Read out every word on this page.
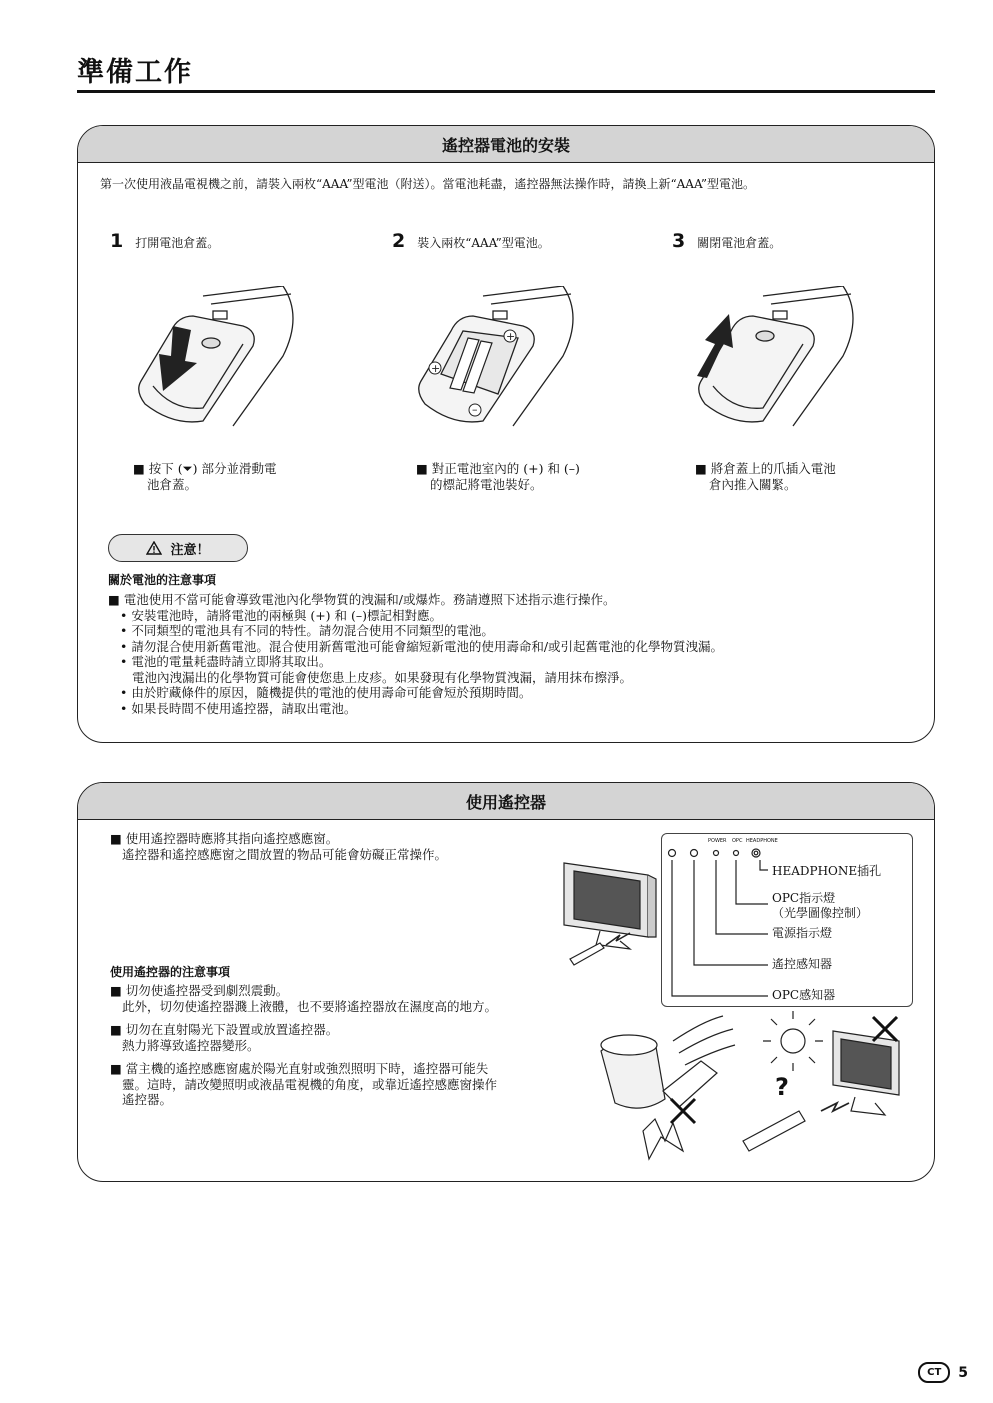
準備工作
遙控器電池的安裝
第一次使用液晶電視機之前，請裝入兩枚“AAA”型電池（附送）。當電池耗盡，遙控器無法操作時，請換上新“AAA”型電池。
1 打開電池倉蓋。	2 裝入兩枚“AAA”型電池。	3 關閉電池倉蓋。
+
+
–
■ 按下 (⏷) 部分並滑動電
池倉蓋。
■ 對正電池室內的 (+) 和 (–)
的標記將電池裝好。
■ 將倉蓋上的爪插入電池
倉內推入關緊。
注意！
關於電池的注意事項
■ 電池使用不當可能會導致電池內化學物質的洩漏和/或爆炸。務請遵照下述指示進行操作。
• 安裝電池時，請將電池的兩極與 (+) 和 (–)標記相對應。
• 不同類型的電池具有不同的特性。請勿混合使用不同類型的電池。
• 請勿混合使用新舊電池。混合使用新舊電池可能會縮短新電池的使用壽命和/或引起舊電池的化學物質洩漏。
• 電池的電量耗盡時請立即將其取出。
電池內洩漏出的化學物質可能會使您患上皮疹。如果發現有化學物質洩漏，請用抹布擦淨。
• 由於貯藏條件的原因，隨機提供的電池的使用壽命可能會短於預期時間。
• 如果長時間不使用遙控器，請取出電池。
使用遙控器
■ 使用遙控器時應將其指向遙控感應窗。
遙控器和遙控感應窗之間放置的物品可能會妨礙正常操作。
使用遙控器的注意事項
■ 切勿使遙控器受到劇烈震動。
此外，切勿使遙控器濺上液體，也不要將遙控器放在濕度高的地方。
■ 切勿在直射陽光下設置或放置遙控器。
熱力將導致遙控器變形。
■ 當主機的遙控感應窗處於陽光直射或強烈照明下時，遙控器可能失
靈。這時，請改變照明或液晶電視機的角度，或靠近遙控感應窗操作
遙控器。
POWER OPC HEADPHONE
HEADPHONE插孔
OPC指示燈
（光學圖像控制）
電源指示燈
遙控感知器
OPC感知器
?
CT	5
